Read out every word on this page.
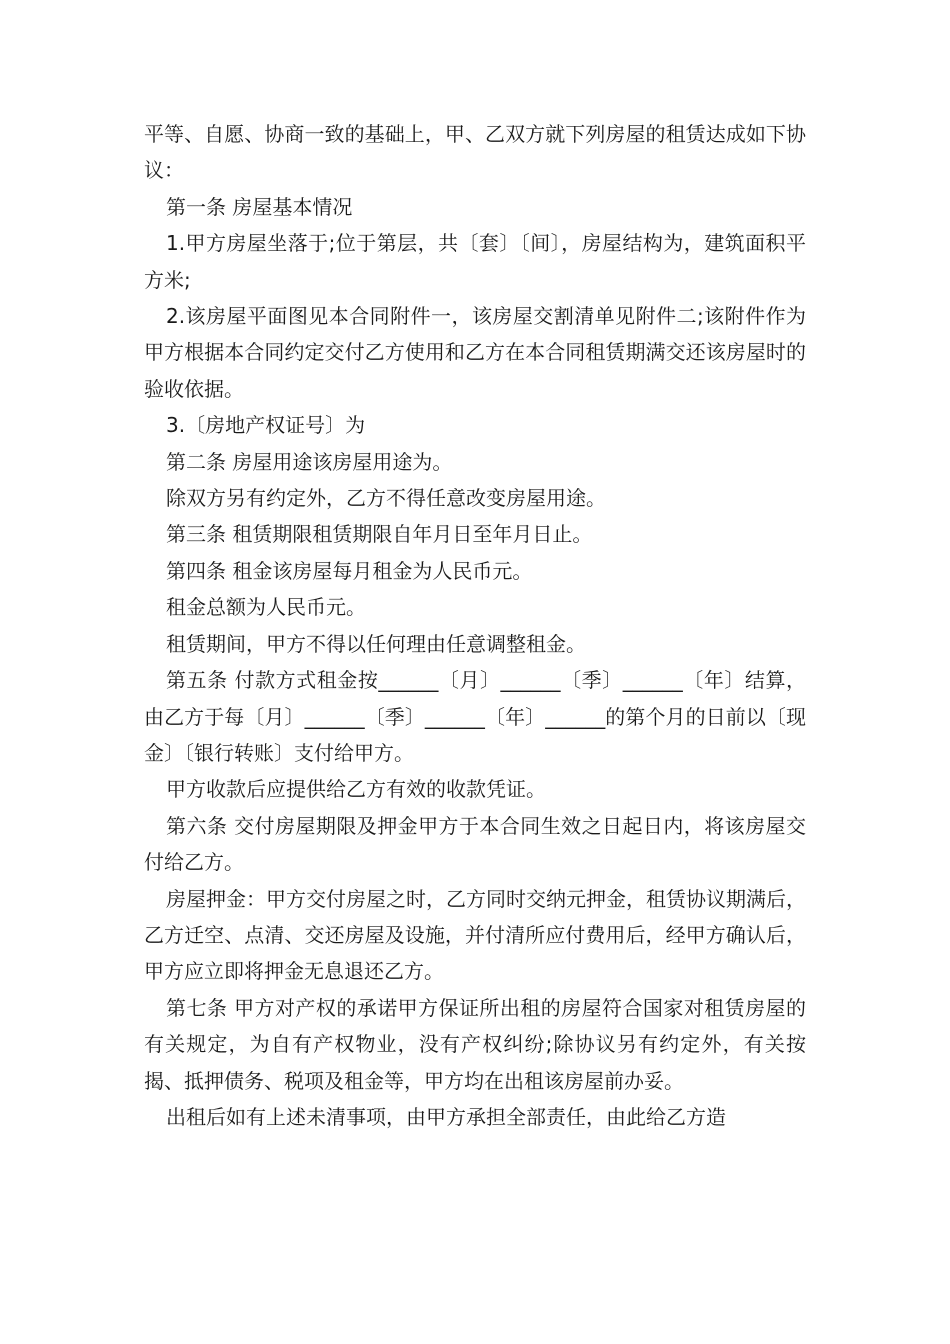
平等、自愿、协商一致的基础上，甲、乙双方就下列房屋的租赁达成如下协议：

第一条 房屋基本情况

1.甲方房屋坐落于;位于第层，共〔套〕〔间〕，房屋结构为，建筑面积平方米;

2.该房屋平面图见本合同附件一，该房屋交割清单见附件二;该附件作为甲方根据本合同约定交付乙方使用和乙方在本合同租赁期满交还该房屋时的验收依据。

3.〔房地产权证号〕为

第二条 房屋用途该房屋用途为。

除双方另有约定外，乙方不得任意改变房屋用途。

第三条 租赁期限租赁期限自年月日至年月日止。

第四条 租金该房屋每月租金为人民币元。

租金总额为人民币元。

租赁期间，甲方不得以任何理由任意调整租金。

第五条 付款方式租金按______〔月〕______〔季〕______〔年〕结算，由乙方于每〔月〕______〔季〕______〔年〕______的第个月的日前以〔现金〕〔银行转账〕支付给甲方。

甲方收款后应提供给乙方有效的收款凭证。

第六条 交付房屋期限及押金甲方于本合同生效之日起日内，将该房屋交付给乙方。

房屋押金：甲方交付房屋之时，乙方同时交纳元押金，租赁协议期满后，乙方迁空、点清、交还房屋及设施，并付清所应付费用后，经甲方确认后，甲方应立即将押金无息退还乙方。

第七条 甲方对产权的承诺甲方保证所出租的房屋符合国家对租赁房屋的有关规定，为自有产权物业，没有产权纠纷;除协议另有约定外，有关按揭、抵押债务、税项及租金等，甲方均在出租该房屋前办妥。

出租后如有上述未清事项，由甲方承担全部责任，由此给乙方造
